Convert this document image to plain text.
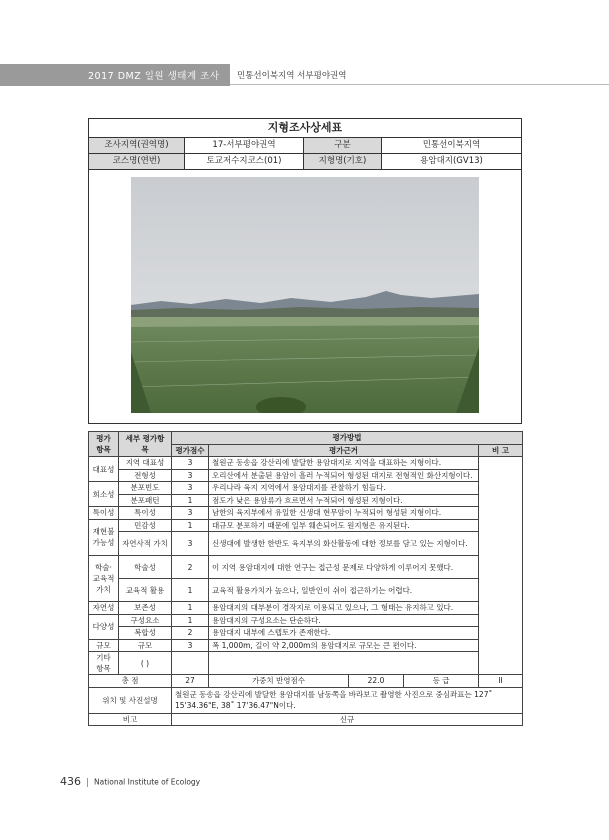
2017 DMZ 일원 생태계 조사 민통선이북지역 서부평야권역
지형조사상세표
조사지역(권역명)	17-서부평야권역	구분	민통선이북지역
코스명(연번)	토교저수지코스(01)	지형명(기호)	용암대지(GV13)
평가 항목	세부 평가항목	평가방법		
		평가점수	평가근거	비 고
대표성	지역 대표성	3	철원군 동송읍 강산리에 발달한 용암대지로 지역을 대표하는 지형이다.	
	전형성	3	오리산에서 분출된 용암이 흘러 누적되어 형성된 대지로 전형적인 화산지형이다.	
희소성	분포빈도	3	우리나라 육지 지역에서 용암대지를 관찰하기 힘들다.	
	분포패턴	1	점도가 낮은 용암류가 흐르면서 누적되어 형성된 지형이다.	
특이성	특이성	3	남한의 육지부에서 유일한 신생대 현무암이 누적되어 형성된 지형이다.	
재현불가능성	민감성	1	대규모 분포하기 때문에 일부 훼손되어도 원지형은 유지된다.	
	자연사적 가치	3	신생대에 발생한 한반도 육지부의 화산활동에 대한 정보를 담고 있는 지형이다.	
학술·교육적 가치	학술성	2	이 지역 용암대지에 대한 연구는 접근성 문제로 다양하게 이루어지 못했다.	
	교육적 활용	1	교육적 활용가치가 높으나, 일반인이 쉬이 접근하기는 어렵다.	
자연성	보존성	1	용암대지의 대부분이 경작지로 이용되고 있으나, 그 형태는 유지하고 있다.	
다양성	구성요소	1	용암대지의 구성요소는 단순하다.	
	복합성	2	용암대지 내부에 스텝토가 존재한다.	
규모	규모	3	폭 1,000m, 길이 약 2,000m의 용암대지로 규모는 큰 편이다.	
기타 항목	( )			
총 점	27	가중치 반영점수	22.0	등 급	II
위치 및 사진설명	철원군 동송읍 강산리에 발달한 용암대지를 남동쪽을 바라보고 촬영한 사진으로 중심좌표는 127˚ 15'34.36"E, 38˚ 17'36.47"N이다.				
비고	신규				
436 National Institute of Ecology
